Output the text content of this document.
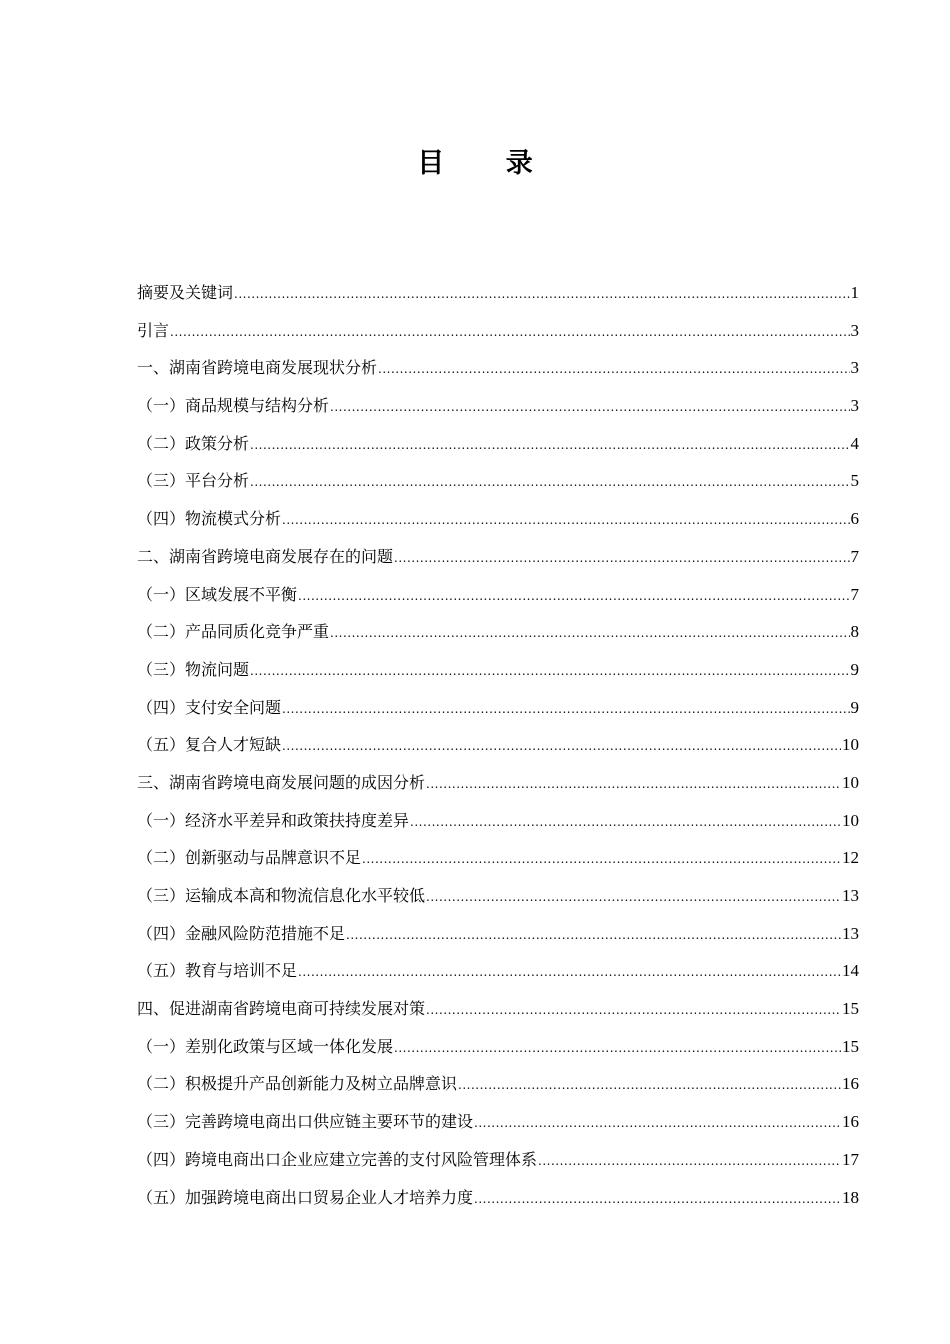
目 录
摘要及关键词 .....	1
引言 .....	3
一、湖南省跨境电商发展现状分析 .....	3
（一）商品规模与结构分析 .....	3
（二）政策分析 .....	4
（三）平台分析 .....	5
（四）物流模式分析 .....	6
二、湖南省跨境电商发展存在的问题 .....	7
（一）区域发展不平衡 .....	7
（二）产品同质化竞争严重 .....	8
（三）物流问题 .....	9
（四）支付安全问题 .....	9
（五）复合人才短缺 .....	10
三、湖南省跨境电商发展问题的成因分析 .....	10
（一）经济水平差异和政策扶持度差异 .....	10
（二）创新驱动与品牌意识不足 .....	12
（三）运输成本高和物流信息化水平较低 .....	13
（四）金融风险防范措施不足 .....	13
（五）教育与培训不足 .....	14
四、促进湖南省跨境电商可持续发展对策 .....	15
（一）差别化政策与区域一体化发展 .....	15
（二）积极提升产品创新能力及树立品牌意识 .....	16
（三）完善跨境电商出口供应链主要环节的建设 .....	16
（四）跨境电商出口企业应建立完善的支付风险管理体系 .....	17
（五）加强跨境电商出口贸易企业人才培养力度 .....	18
